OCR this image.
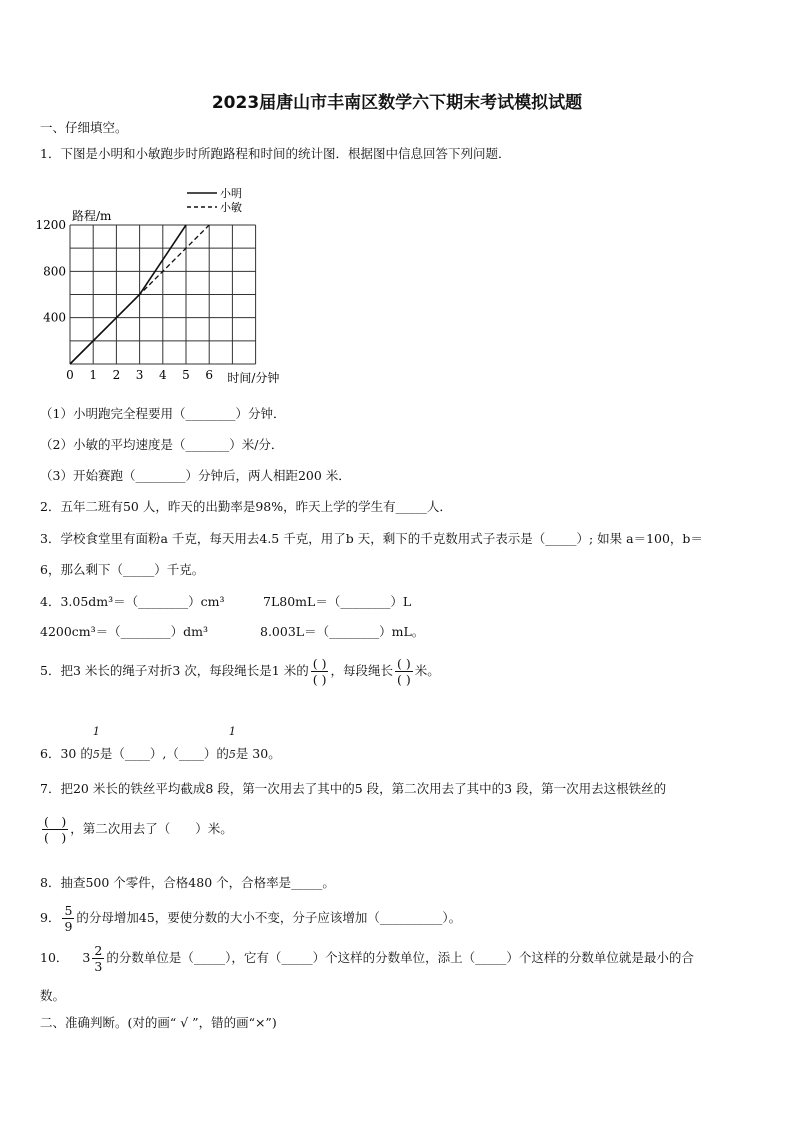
2023届唐山市丰南区数学六下期末考试模拟试题
一、仔细填空。
1．下图是小明和小敏跑步时所跑路程和时间的统计图．根据图中信息回答下列问题．
0 1 2 3 4 5 6
400
800
1200
路程/m
时间/分钟
小明
小敏
（1）小明跑完全程要用（________）分钟．
（2）小敏的平均速度是（_______）米/分．
（3）开始赛跑（________）分钟后，两人相距200 米．
2．五年二班有50 人，昨天的出勤率是98%，昨天上学的学生有_____人．
3．学校食堂里有面粉a 千克，每天用去4.5 千克，用了b 天，剩下的千克数用式子表示是（_____）; 如果 a＝100，b＝
6，那么剩下（_____）千克。
4．3.05dm³＝（________）cm³	7L80mL＝（________）L
4200cm³＝（________）dm³	8.003L＝（________）mL。
5．把3 米长的绳子对折3 次，每段绳长是1 米的 $\frac{( )}{( )}$ ，每段绳长 $\frac{( )}{( )}$ 米。
6．30 的
1
5是（____）,（____）的
1
5是 30。
7．把20 米长的铁丝平均截成8 段，第一次用去了其中的5 段，第二次用去了其中的3 段，第一次用去这根铁丝的
$\frac{( )}{( )}$ ，第二次用去了（　　）米。
8．抽查500 个零件，合格480 个，合格率是_____。
9． $\frac{5}{9}$ 的分母增加45，要使分数的大小不变，分子应该增加（__________）。
10． $3 \frac{2}{3}$ 的分数单位是（_____），它有（_____）个这样的分数单位，添上（_____）个这样的分数单位就是最小的合
数。
二、准确判断。(对的画“ √ ”，错的画“×”)
